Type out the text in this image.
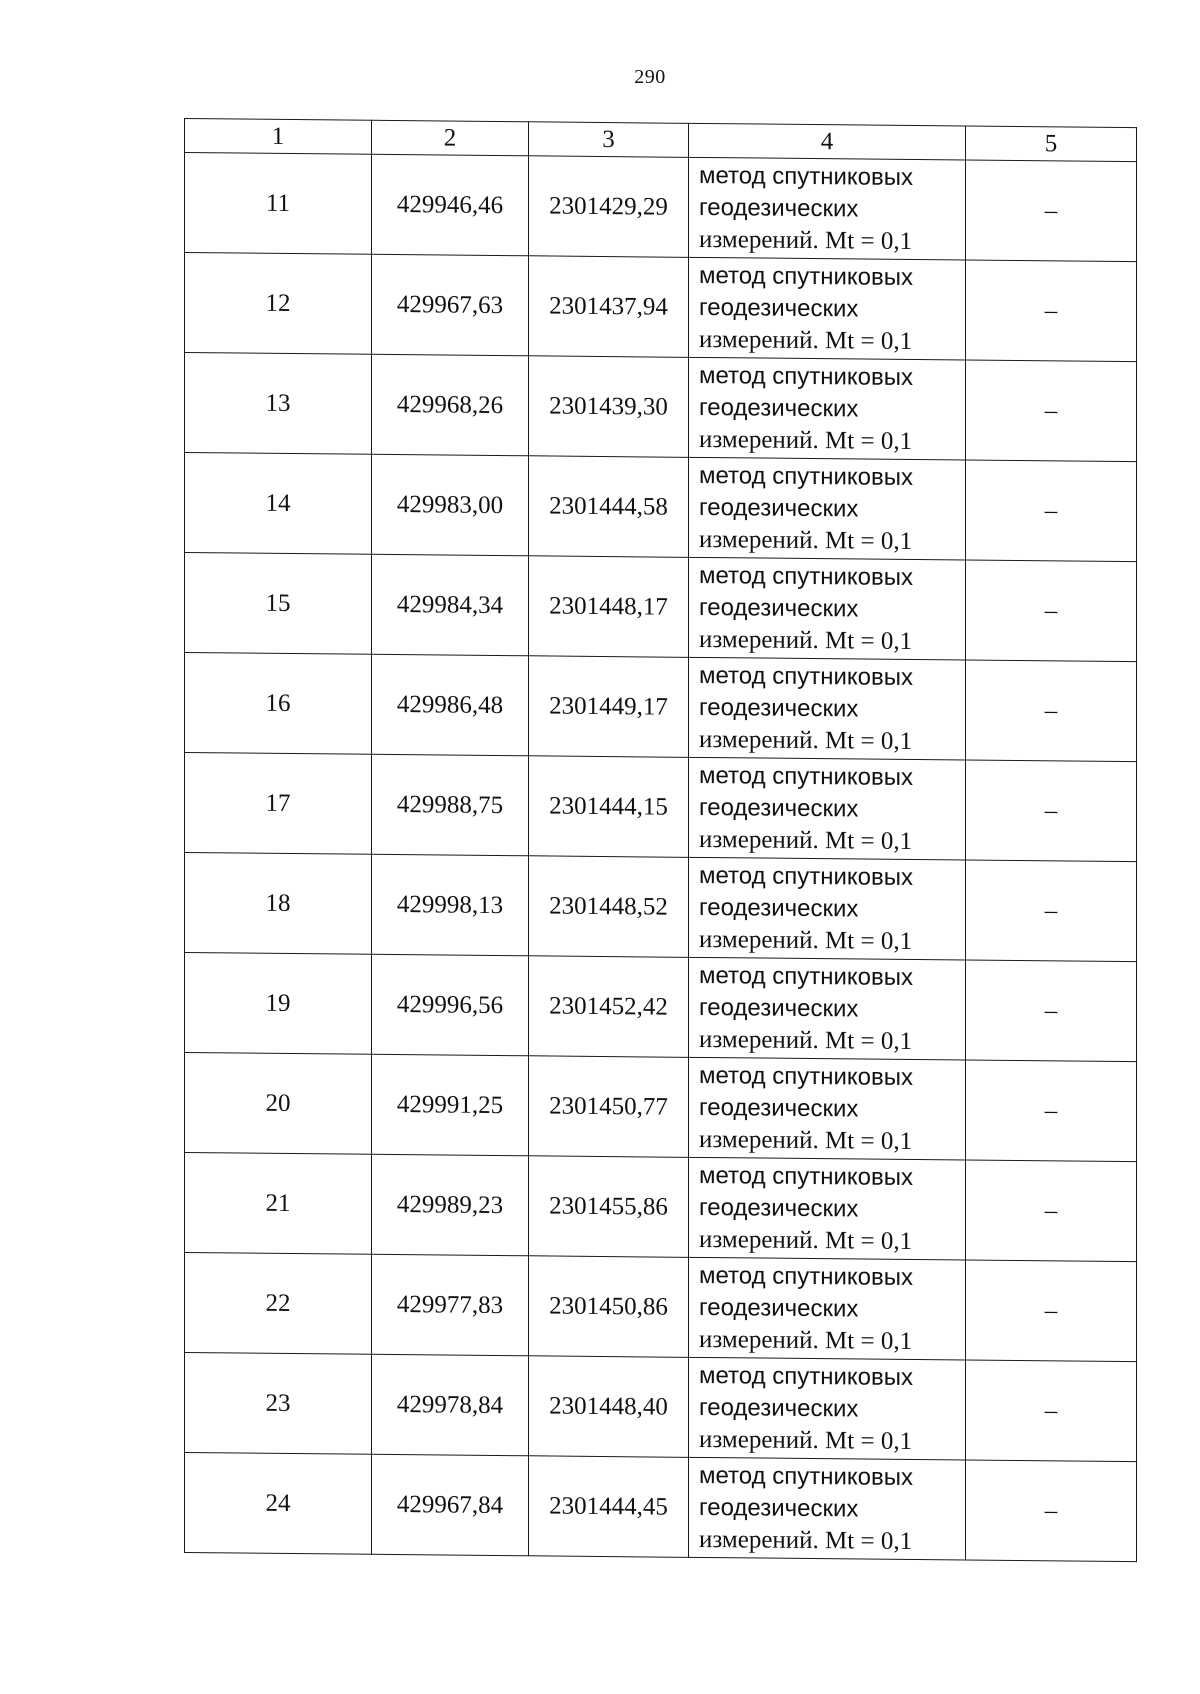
290
1	2	3	4	5
11	429946,46	2301429,29	метод спутниковых
геодезических
измерений. Mt = 0,1	–
12	429967,63	2301437,94	метод спутниковых
геодезических
измерений. Mt = 0,1	–
13	429968,26	2301439,30	метод спутниковых
геодезических
измерений. Mt = 0,1	–
14	429983,00	2301444,58	метод спутниковых
геодезических
измерений. Mt = 0,1	–
15	429984,34	2301448,17	метод спутниковых
геодезических
измерений. Mt = 0,1	–
16	429986,48	2301449,17	метод спутниковых
геодезических
измерений. Mt = 0,1	–
17	429988,75	2301444,15	метод спутниковых
геодезических
измерений. Mt = 0,1	–
18	429998,13	2301448,52	метод спутниковых
геодезических
измерений. Mt = 0,1	–
19	429996,56	2301452,42	метод спутниковых
геодезических
измерений. Mt = 0,1	–
20	429991,25	2301450,77	метод спутниковых
геодезических
измерений. Mt = 0,1	–
21	429989,23	2301455,86	метод спутниковых
геодезических
измерений. Mt = 0,1	–
22	429977,83	2301450,86	метод спутниковых
геодезических
измерений. Mt = 0,1	–
23	429978,84	2301448,40	метод спутниковых
геодезических
измерений. Mt = 0,1	–
24	429967,84	2301444,45	метод спутниковых
геодезических
измерений. Mt = 0,1	–
